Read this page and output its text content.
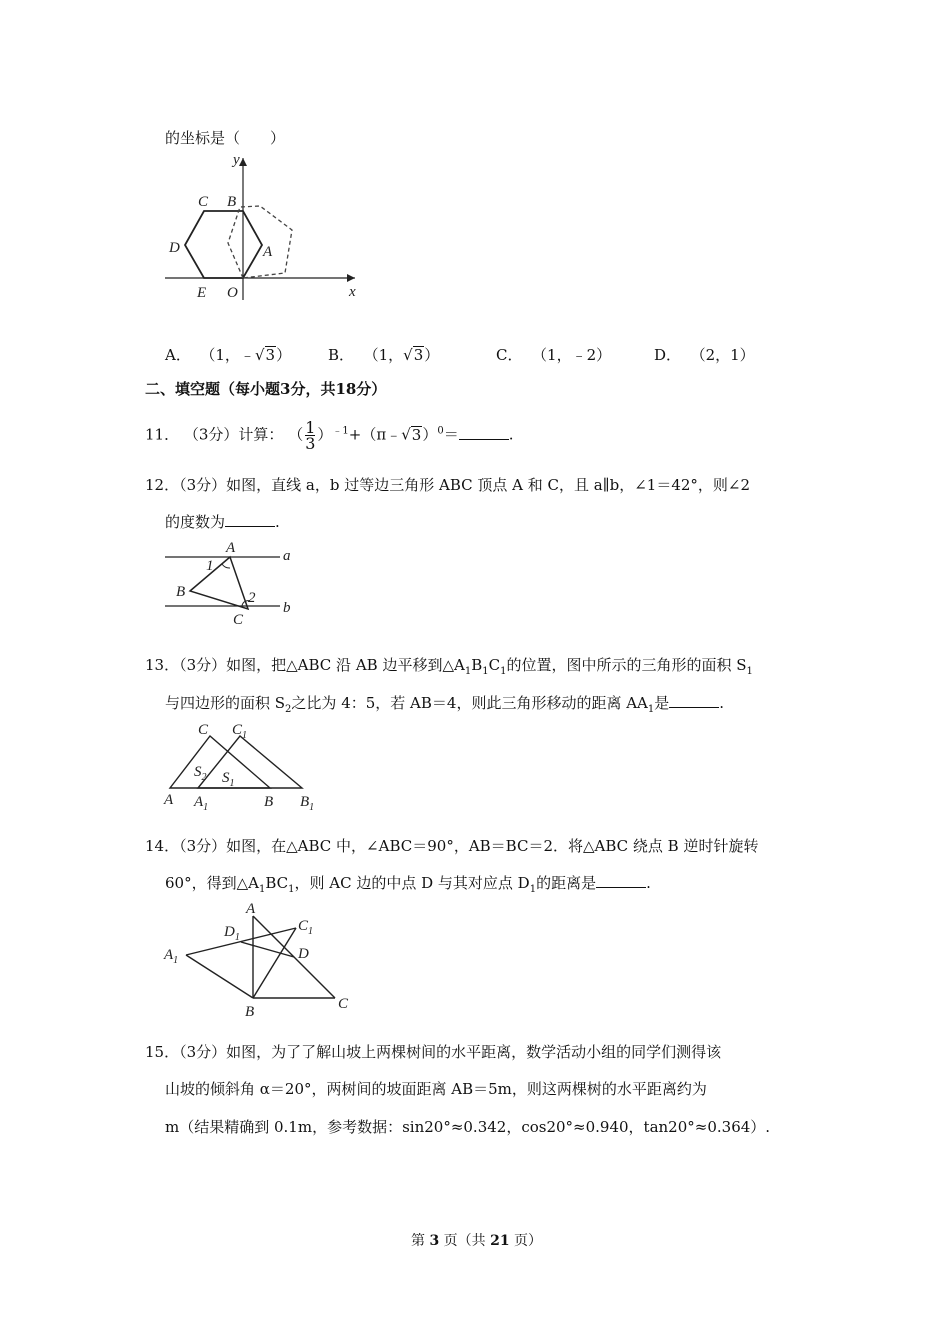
的坐标是（　　）
y
C B
D	A
E O	x
A． （1，﹣√3） B． （1，√3）	C． （1，﹣2）	D． （2，1）
二、填空题（每小题3分，共18分）
11． （3分）计算： （ $\frac{1}{3}$ ）$^{﹣1}$+（π﹣√3）$^0$＝	.
12．（3分）如图，直线 a，b 过等边三角形 ABC 顶点 A 和 C，且 a∥b，∠1＝42°，则∠2
的度数为	.
A	a
1
B	2
b
C
13．（3分）如图，把△ABC 沿 AB 边平移到$\triangle A_1B_1C_1$的位置，图中所示的三角形的面积 $S_1$
与四边形的面积 $S_2$之比为 4：5，若 AB＝4，则此三角形移动的距离 $AA_1$是	.
C $C_1$
$S_2$ $S_1$
A $A_1$	B $B_1$
14．（3分）如图，在△ABC 中，∠ABC＝90°，AB＝BC＝2．将△ABC 绕点 B 逆时针旋转
60°，得到$\triangle A_1BC_1$，则 AC 边的中点 D 与其对应点 $D_1$的距离是	.
A
$D_1$
$C_1$
$A_1$	D
B	C
15．（3分）如图，为了了解山坡上两棵树间的水平距离，数学活动小组的同学们测得该
山坡的倾斜角 α＝20°，两树间的坡面距离 AB＝5m，则这两棵树的水平距离约为
m（结果精确到 0.1m，参考数据：sin20°≈0.342，cos20°≈0.940，tan20°≈0.364）.
第 3 页（共 21 页）
